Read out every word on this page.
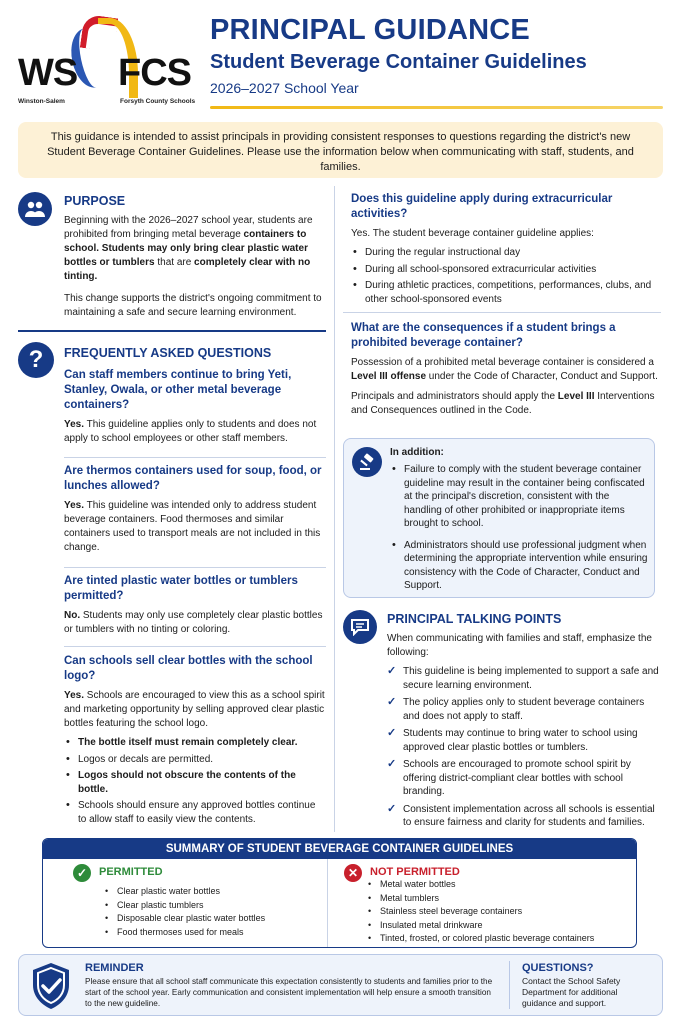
WS FCS
Winston-Salem	Forsyth County Schools
PRINCIPAL GUIDANCE
Student Beverage Container Guidelines
2026–2027 School Year
This guidance is intended to assist principals in providing consistent responses to questions regarding the district's new Student Beverage Container Guidelines. Please use the information below when communicating with staff, students, and families.
PURPOSE

Beginning with the 2026–2027 school year, students are prohibited from bringing metal beverage containers to school. Students may only bring clear plastic water bottles or tumblers that are completely clear with no tinting.

This change supports the district's ongoing commitment to maintaining a safe and secure learning environment.

?	FREQUENTLY ASKED QUESTIONS
Can staff members continue to bring Yeti, Stanley, Owala, or other metal beverage containers?

Yes. This guideline applies only to students and does not apply to school employees or other staff members.

Are thermos containers used for soup, food, or lunches allowed?

Yes. This guideline was intended only to address student beverage containers. Food thermoses and similar containers used to transport meals are not included in this change.

Are tinted plastic water bottles or tumblers permitted?

No. Students may only use completely clear plastic bottles or tumblers with no tinting or coloring.

Can schools sell clear bottles with the school logo?

Yes. Schools are encouraged to view this as a school spirit and marketing opportunity by selling approved clear plastic bottles featuring the school logo.

• The bottle itself must remain completely clear.
• Logos or decals are permitted.
• Logos should not obscure the contents of the bottle.
• Schools should ensure any approved bottles continue to allow staff to easily view the contents.
Does this guideline apply during extracurricular activities?

Yes. The student beverage container guideline applies:

• During the regular instructional day
• During all school-sponsored extracurricular activities
• During athletic practices, competitions, performances, clubs, and other school-sponsored events
What are the consequences if a student brings a prohibited beverage container?

Possession of a prohibited metal beverage container is considered a Level III offense under the Code of Character, Conduct and Support.

Principals and administrators should apply the Level III Interventions and Consequences outlined in the Code.

In addition:
• Failure to comply with the student beverage container guideline may result in the container being confiscated at the principal's discretion, consistent with the handling of other prohibited or inappropriate items brought to school.
• Administrators should use professional judgment when determining the appropriate intervention while ensuring consistency with the Code of Character, Conduct and Support.
PRINCIPAL TALKING POINTS

When communicating with families and staff, emphasize the following:

✓ This guideline is being implemented to support a safe and secure learning environment.
✓ The policy applies only to student beverage containers and does not apply to staff.
✓ Students may continue to bring water to school using approved clear plastic bottles or tumblers.
✓ Schools are encouraged to promote school spirit by offering district-compliant clear bottles with school branding.
✓ Consistent implementation across all schools is essential to ensure fairness and clarity for students and families.
SUMMARY OF STUDENT BEVERAGE CONTAINER GUIDELINES
✓	PERMITTED
• Clear plastic water bottles
• Clear plastic tumblers
• Disposable clear plastic water bottles
• Food thermoses used for meals
✕	NOT PERMITTED
• Metal water bottles
• Metal tumblers
• Stainless steel beverage containers
• Insulated metal drinkware
• Tinted, frosted, or colored plastic beverage containers
REMINDER
Please ensure that all school staff communicate this expectation consistently to students and families prior to the start of the school year. Early communication and consistent implementation will help ensure a smooth transition to the new guideline.
QUESTIONS?
Contact the School Safety Department for additional guidance and support.
